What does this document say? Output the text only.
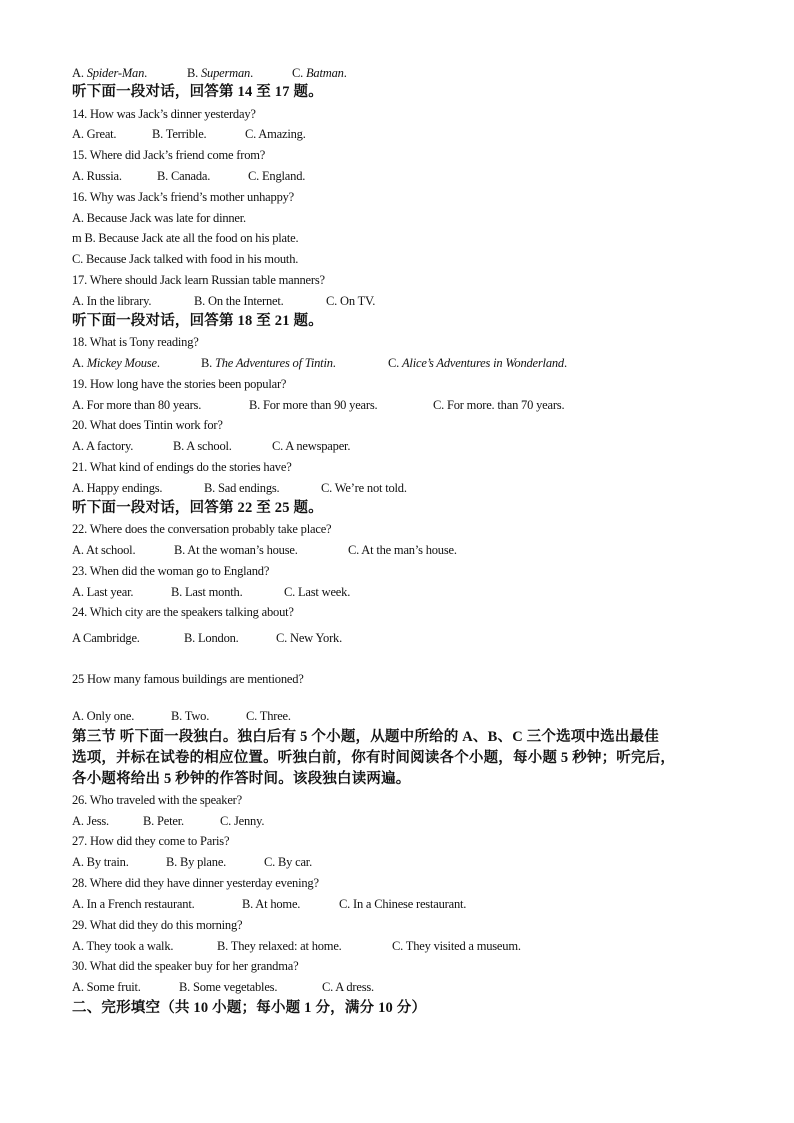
A. Spider-Man.	B. Superman.	C. Batman.
听下面一段对话，回答第 14 至 17 题。
14. How was Jack’s dinner yesterday?
A. Great.	B. Terrible.	C. Amazing.
15. Where did Jack’s friend come from?
A. Russia.	B. Canada.	C. England.
16. Why was Jack’s friend’s mother unhappy?
A. Because Jack was late for dinner.
m B. Because Jack ate all the food on his plate.
C. Because Jack talked with food in his mouth.
17. Where should Jack learn Russian table manners?
A. In the library.	B. On the Internet.	C. On TV.
听下面一段对话，回答第 18 至 21 题。
18. What is Tony reading?
A. Mickey Mouse.	B. The Adventures of Tintin.	C. Alice’s Adventures in Wonderland.
19. How long have the stories been popular?
A. For more than 80 years.	B. For more than 90 years.	C. For more. than 70 years.
20. What does Tintin work for?
A. A factory.	B. A school.	C. A newspaper.
21. What kind of endings do the stories have?
A. Happy endings.	B. Sad endings.	C. We’re not told.
听下面一段对话，回答第 22 至 25 题。
22. Where does the conversation probably take place?
A. At school.	B. At the woman’s house.	C. At the man’s house.
23. When did the woman go to England?
A. Last year.	B. Last month.	C. Last week.
24. Which city are the speakers talking about?
A Cambridge.	B. London.	C. New York.
25 How many famous buildings are mentioned?
A. Only one.	B. Two.	C. Three.
第三节 听下面一段独白。独白后有 5 个小题，从题中所给的 A、B、C 三个选项中选出最佳
选项，并标在试卷的相应位置。听独白前，你有时间阅读各个小题，每小题 5 秒钟；听完后，
各小题将给出 5 秒钟的作答时间。该段独白读两遍。
26. Who traveled with the speaker?
A. Jess.	B. Peter.	C. Jenny.
27. How did they come to Paris?
A. By train.	B. By plane.	C. By car.
28. Where did they have dinner yesterday evening?
A. In a French restaurant.	B. At home.	C. In a Chinese restaurant.
29. What did they do this morning?
A. They took a walk.	B. They relaxed: at home.	C. They visited a museum.
30. What did the speaker buy for her grandma?
A. Some fruit.	B. Some vegetables.	C. A dress.
二、完形填空（共 10 小题；每小题 1 分，满分 10 分）
